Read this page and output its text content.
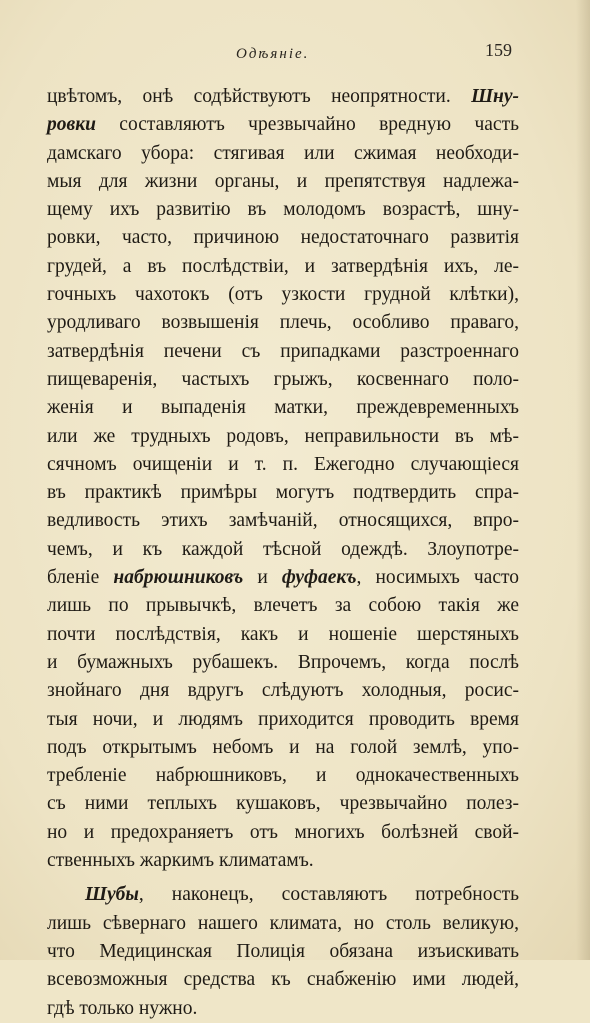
Одѣянiе.	159
цвѣтомъ, онѣ содѣйствуютъ неопрятности. Шну-
ровки составляютъ чрезвычайно вредную часть
дамскаго убора: стягивая или сжимая необходи-
мыя для жизни органы, и препятствуя надлежа-
щему ихъ развитiю въ молодомъ возрастѣ, шну-
ровки, часто, причиною недостаточнаго развитiя
грудей, а въ послѣдствiи, и затвердѣнiя ихъ, ле-
гочныхъ чахотокъ (отъ узкости грудной клѣтки),
уродливаго возвышенiя плечь, особливо праваго,
затвердѣнiя печени съ припадками разстроеннаго
пищеваренiя, частыхъ грыжъ, косвеннаго поло-
женiя и выпаденiя матки, преждевременныхъ
или же трудныхъ родовъ, неправильности въ мѣ-
сячномъ очищенiи и т. п. Ежегодно случающiеся
въ практикѣ примѣры могутъ подтвердить спра-
ведливость этихъ замѣчанiй, относящихся, впро-
чемъ, и къ каждой тѣсной одеждѣ. Злоупотре-
бленiе набрюшниковъ и фуфаекъ, носимыхъ часто
лишь по прывычкѣ, влечетъ за собою такiя же
почти послѣдствiя, какъ и ношенiе шерстяныхъ
и бумажныхъ рубашекъ. Впрочемъ, когда послѣ
знойнаго дня вдругъ слѣдуютъ холодныя, росис-
тыя ночи, и людямъ приходится проводить время
подъ открытымъ небомъ и на голой землѣ, упо-
требленiе набрюшниковъ, и однокачественныхъ
съ ними теплыхъ кушаковъ, чрезвычайно полез-
но и предохраняетъ отъ многихъ болѣзней свой-
ственныхъ жаркимъ климатамъ.
Шубы, наконецъ, составляютъ потребность
лишь сѣвернаго нашего климата, но столь великую,
что Медицинская Полицiя обязана изъискивать
всевозможныя средства къ снабженiю ими людей,
гдѣ только нужно.
